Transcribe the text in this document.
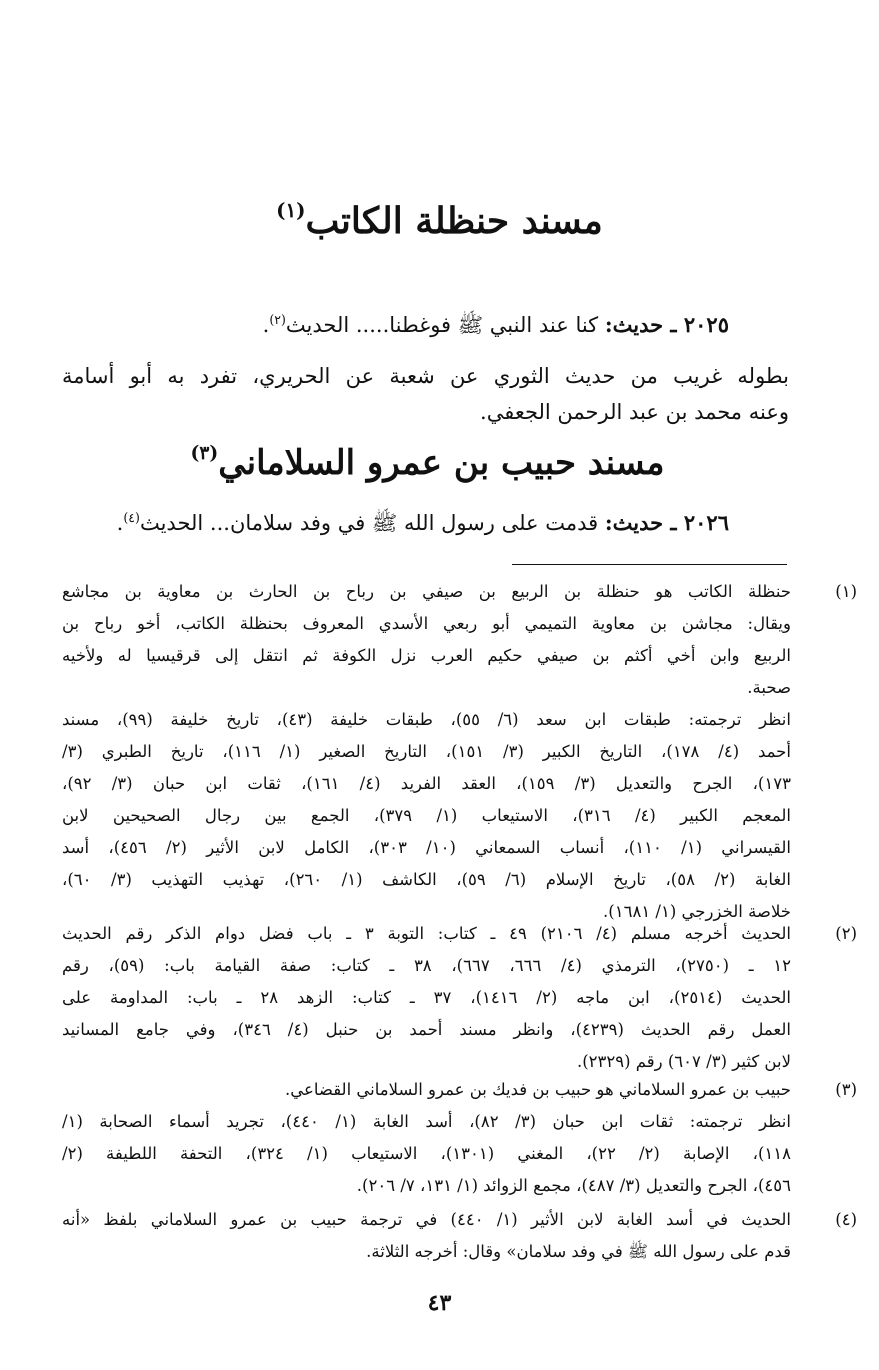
مسند حنظلة الكاتب$^{(١)}$
٢٠٢٥ ـ حديث: كنا عند النبي ﷺ فوغطنا..... الحديث$^{(٢)}$.
بطوله غريب من حديث الثوري عن شعبة عن الحريري، تفرد به أبو أسامة
وعنه محمد بن عبد الرحمن الجعفي.
مسند حبيب بن عمرو السلاماني$^{(٣)}$
٢٠٢٦ ـ حديث: قدمت على رسول الله ﷺ في وفد سلامان... الحديث$^{(٤)}$.
(١)
حنظلة الكاتب هو حنظلة بن الربيع بن صيفي بن رباح بن الحارث بن معاوية بن مجاشع
ويقال: مجاشن بن معاوية التميمي أبو ربعي الأسدي المعروف بحنظلة الكاتب، أخو رباح بن
الربيع وابن أخي أكثم بن صيفي حكيم العرب نزل الكوفة ثم انتقل إلى قرقيسيا له ولأخيه
صحبة.
انظر ترجمته: طبقات ابن سعد (٦/ ٥٥)، طبقات خليفة (٤٣)، تاريخ خليفة (٩٩)، مسند
أحمد (٤/ ١٧٨)، التاريخ الكبير (٣/ ١٥١)، التاريخ الصغير (١/ ١١٦)، تاريخ الطبري (٣/
١٧٣)، الجرح والتعديل (٣/ ١٥٩)، العقد الفريد (٤/ ١٦١)، ثقات ابن حبان (٣/ ٩٢)،
المعجم الكبير (٤/ ٣١٦)، الاستيعاب (١/ ٣٧٩)، الجمع بين رجال الصحيحين لابن
القيسراني (١/ ١١٠)، أنساب السمعاني (١٠/ ٣٠٣)، الكامل لابن الأثير (٢/ ٤٥٦)، أسد
الغابة (٢/ ٥٨)، تاريخ الإسلام (٦/ ٥٩)، الكاشف (١/ ٢٦٠)، تهذيب التهذيب (٣/ ٦٠)،
خلاصة الخزرجي (١/ ١٦٨١).
(٢)
الحديث أخرجه مسلم (٤/ ٢١٠٦) ٤٩ ـ كتاب: التوبة ٣ ـ باب فضل دوام الذكر رقم الحديث
١٢ ـ (٢٧٥٠)، الترمذي (٤/ ٦٦٦، ٦٦٧)، ٣٨ ـ كتاب: صفة القيامة باب: (٥٩)، رقم
الحديث (٢٥١٤)، ابن ماجه (٢/ ١٤١٦)، ٣٧ ـ كتاب: الزهد ٢٨ ـ باب: المداومة على
العمل رقم الحديث (٤٢٣٩)، وانظر مسند أحمد بن حنبل (٤/ ٣٤٦)، وفي جامع المسانيد
لابن كثير (٣/ ٦٠٧) رقم (٢٣٢٩).
(٣)
حبيب بن عمرو السلاماني هو حبيب بن فديك بن عمرو السلاماني القضاعي.
انظر ترجمته: ثقات ابن حبان (٣/ ٨٢)، أسد الغابة (١/ ٤٤٠)، تجريد أسماء الصحابة (١/
١١٨)، الإصابة (٢/ ٢٢)، المغني (١٣٠١)، الاستيعاب (١/ ٣٢٤)، التحفة اللطيفة (٢/
٤٥٦)، الجرح والتعديل (٣/ ٤٨٧)، مجمع الزوائد (١/ ١٣١، ٧/ ٢٠٦).
(٤)
الحديث في أسد الغابة لابن الأثير (١/ ٤٤٠) في ترجمة حبيب بن عمرو السلاماني بلفظ «أنه
قدم على رسول الله ﷺ في وفد سلامان» وقال: أخرجه الثلاثة.
٤٣
